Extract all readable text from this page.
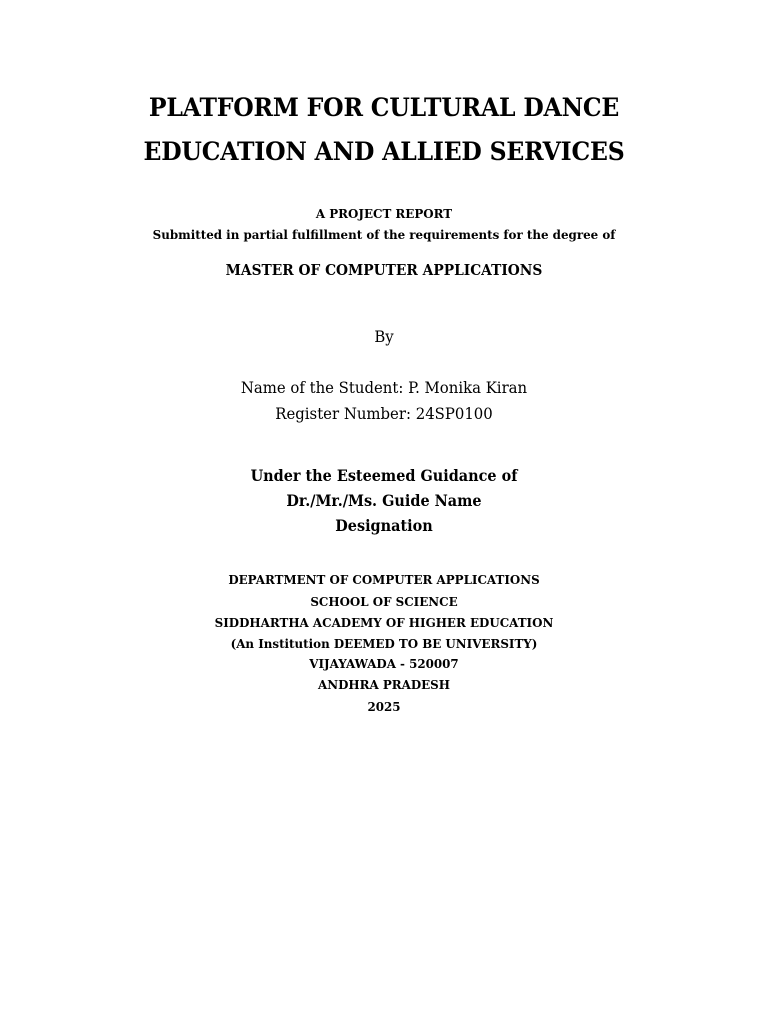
PLATFORM FOR CULTURAL DANCE
EDUCATION AND ALLIED SERVICES
A PROJECT REPORT
Submitted in partial fulfillment of the requirements for the degree of
MASTER OF COMPUTER APPLICATIONS
By
Name of the Student: P. Monika Kiran
Register Number: 24SP0100
Under the Esteemed Guidance of
Dr./Mr./Ms. Guide Name
Designation
DEPARTMENT OF COMPUTER APPLICATIONS
SCHOOL OF SCIENCE
SIDDHARTHA ACADEMY OF HIGHER EDUCATION
(An Institution DEEMED TO BE UNIVERSITY)
VIJAYAWADA - 520007
ANDHRA PRADESH
2025
